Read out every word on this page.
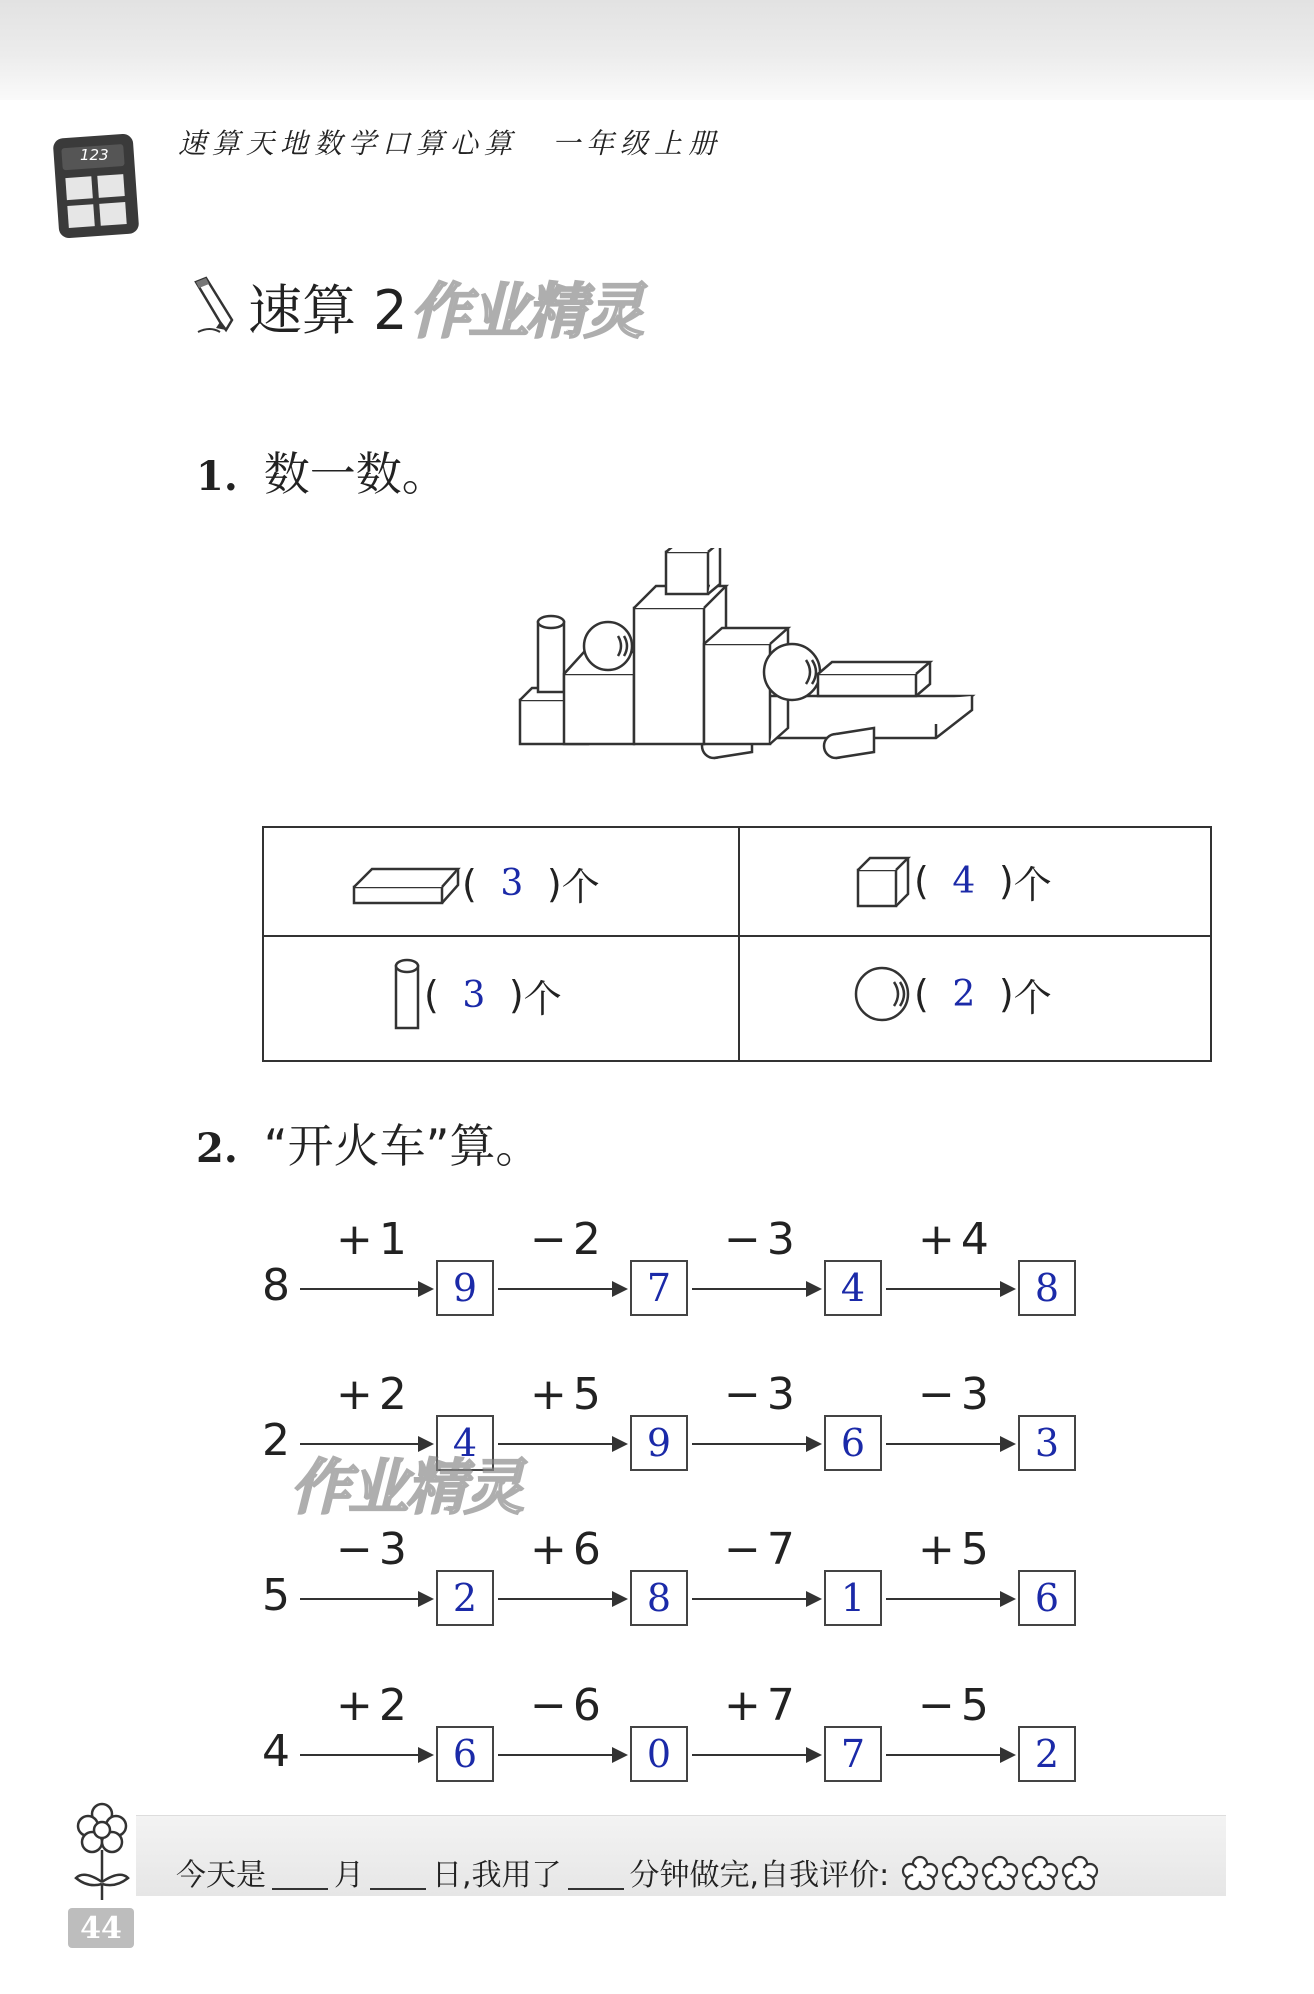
123 速算天地数学口算心算　一年级上册
速算 2 作业精灵
1. 数一数。
( 3 ) 个	( 4 ) 个
( 3 ) 个	( 2 ) 个
2. “开火车”算。
8
+1
9
−2
7
−3
4
+4
8
2
+2
4
+5
9
−3
6
−3
3
5
−3
2
+6
8
−7
1
+5
6
4
+2
6
−6
0
+7
7
−5
2
作业精灵
今天是 月 日,我用了 分钟做完,自我评价:
44
